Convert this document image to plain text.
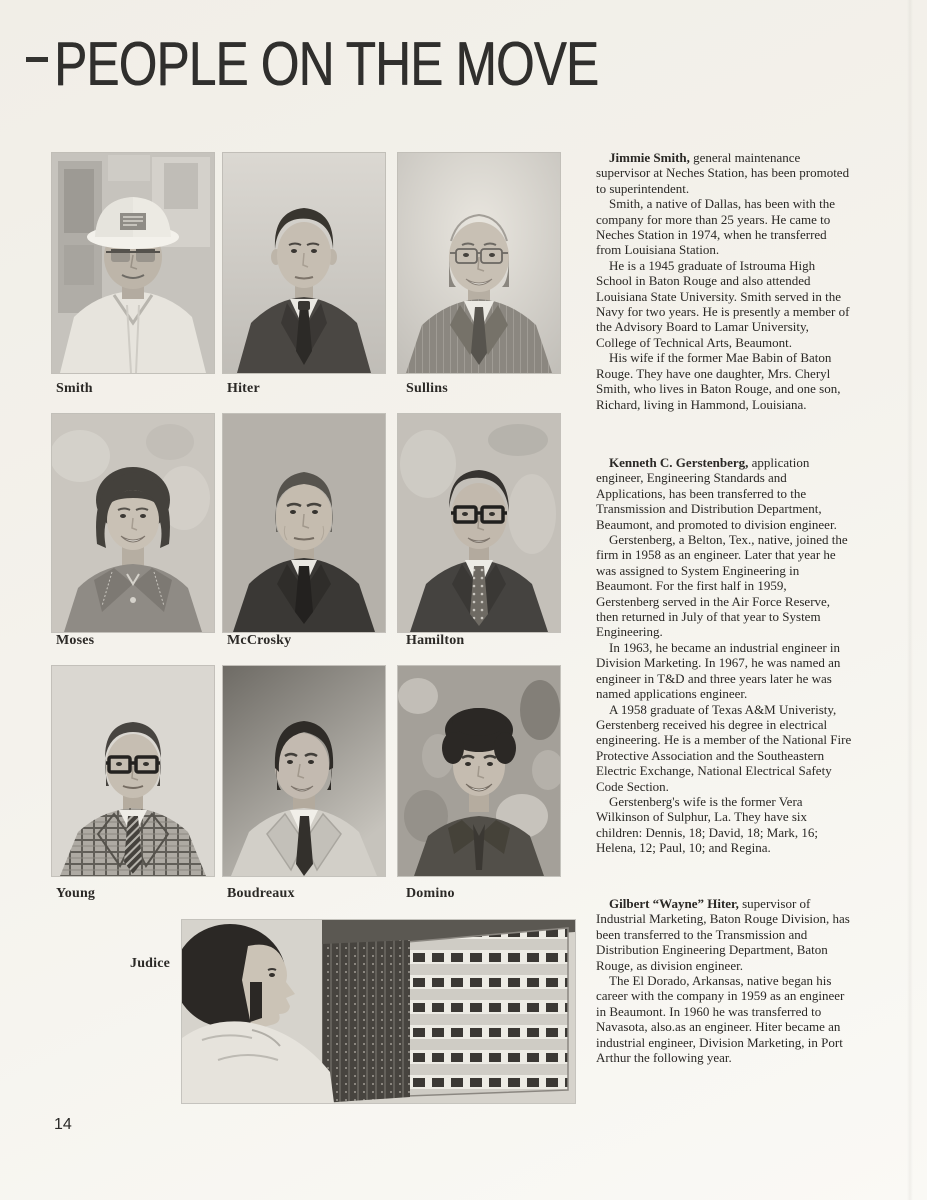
PEOPLE ON THE MOVE
Smith	Hiter	Sullins
Moses	McCrosky	Hamilton
Young	Boudreaux	Domino
Judice

Jimmie Smith, general maintenance supervisor at Neches Station, has been promoted to superintendent.

Smith, a native of Dallas, has been with the company for more than 25 years. He came to Neches Station in 1974, when he transferred from Louisiana Station.

He is a 1945 graduate of Istrouma High School in Baton Rouge and also attended Louisiana State University. Smith served in the Navy for two years. He is presently a member of the Advisory Board to Lamar University, College of Technical Arts, Beaumont.

His wife if the former Mae Babin of Baton Rouge. They have one daughter, Mrs. Cheryl Smith, who lives in Baton Rouge, and one son, Richard, living in Hammond, Louisiana.

Kenneth C. Gerstenberg, application engineer, Engineering Standards and Applications, has been transferred to the Transmission and Distribution Department, Beaumont, and promoted to division engineer.

Gerstenberg, a Belton, Tex., native, joined the firm in 1958 as an engineer. Later that year he was assigned to System Engineering in Beaumont. For the first half in 1959, Gerstenberg served in the Air Force Reserve, then returned in July of that year to System Engineering.

In 1963, he became an industrial engineer in Division Marketing. In 1967, he was named an engineer in T&D and three years later he was named applications engineer.

A 1958 graduate of Texas A&M Univeristy, Gerstenberg received his degree in electrical engineering. He is a member of the National Fire Protective Association and the Southeastern Electric Exchange, National Electrical Safety Code Section.

Gerstenberg's wife is the former Vera Wilkinson of Sulphur, La. They have six children: Dennis, 18; David, 18; Mark, 16; Helena, 12; Paul, 10; and Regina.

Gilbert “Wayne” Hiter, supervisor of Industrial Marketing, Baton Rouge Division, has been transferred to the Transmission and Distribution Engineering Department, Baton Rouge, as division engineer.

The El Dorado, Arkansas, native began his career with the company in 1959 as an engineer in Beaumont. In 1960 he was transferred to Navasota, also.as an engineer. Hiter became an industrial engineer, Division Marketing, in Port Arthur the following year.

14
